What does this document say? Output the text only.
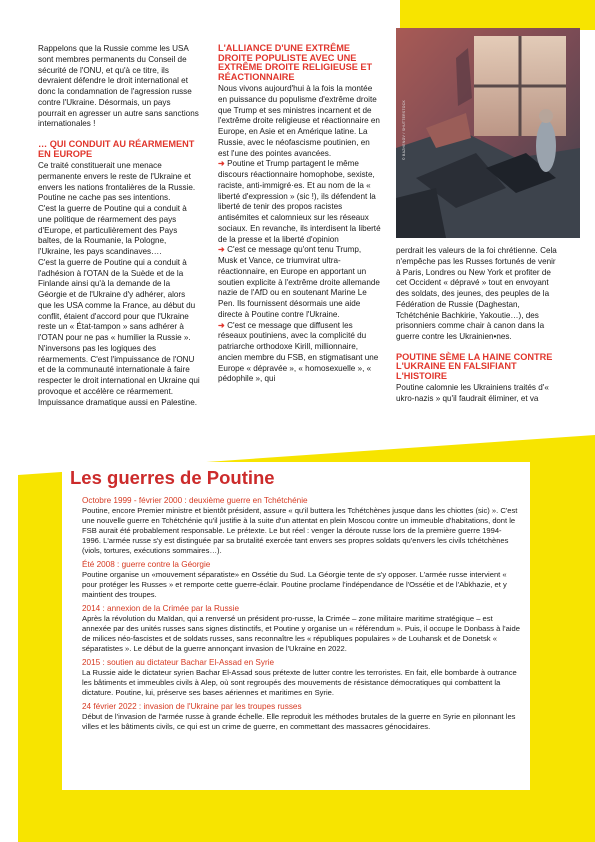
© BAZHENOV / SHUTTERSTOCK

Rappelons que la Russie comme les USA sont membres permanents du Conseil de sécurité de l'ONU, et qu'à ce titre, ils devraient défendre le droit international et donc la condamnation de l'agression russe contre l'Ukraine. Désormais, un pays pourrait en agresser un autre sans sanctions internationales !

… QUI CONDUIT AU RÉARMEMENT EN EUROPE

Ce traité constituerait une menace permanente envers le reste de l'Ukraine et envers les nations frontalières de la Russie. Poutine ne cache pas ses intentions.

C'est la guerre de Poutine qui a conduit à une politique de réarmement des pays d'Europe, et particulièrement des Pays baltes, de la Roumanie, la Pologne, l'Ukraine, les pays scandinaves….

C'est la guerre de Poutine qui a conduit à l'adhésion à l'OTAN de la Suède et de la Finlande ainsi qu'à la demande de la Géorgie et de l'Ukraine d'y adhérer, alors que les USA comme la France, au début du conflit, étaient d'accord pour que l'Ukraine reste un « État-tampon » sans adhérer à l'OTAN pour ne pas « humilier la Russie ». N'inversons pas les logiques des réarmements. C'est l'impuissance de l'ONU et de la communauté internationale à faire respecter le droit international en Ukraine qui provoque et accélère ce réarmement. Impuissance dramatique aussi en Palestine.

L'ALLIANCE D'UNE EXTRÊME DROITE POPULISTE AVEC UNE EXTRÊME DROITE RELIGIEUSE ET RÉACTIONNAIRE

Nous vivons aujourd'hui à la fois la montée en puissance du populisme d'extrême droite que Trump et ses ministres incarnent et de l'extrême droite religieuse et réactionnaire en Europe, en Asie et en Amérique latine. La Russie, avec le néofascisme poutinien, en est l'une des pointes avancées.

➜ Poutine et Trump partagent le même discours réactionnaire homophobe, sexiste, raciste, anti-immigré·es. Et au nom de la « liberté d'expression » (sic !), ils défendent la liberté de tenir des propos racistes antisémites et calomnieux sur les réseaux sociaux. En revanche, ils interdisent la liberté de la presse et la liberté d'opinion

➜ C'est ce message qu'ont tenu Trump, Musk et Vance, ce triumvirat ultra-réactionnaire, en Europe en apportant un soutien explicite à l'extrême droite allemande nazie de l'AfD ou en soutenant Marine Le Pen. Ils fournissent désormais une aide directe à Poutine contre l'Ukraine.

➜ C'est ce message que diffusent les réseaux poutiniens, avec la complicité du patriarche orthodoxe Kirill, millionnaire, ancien membre du FSB, en stigmatisant une Europe « dépravée », « homosexuelle », « pédophile », qui

perdrait les valeurs de la foi chrétienne. Cela n'empêche pas les Russes fortunés de venir à Paris, Londres ou New York et profiter de cet Occident « dépravé » tout en envoyant des soldats, des jeunes, des peuples de la Fédération de Russie (Daghestan, Tchétchénie Bachkirie, Yakoutie…), des prisonniers comme chair à canon dans la guerre contre les Ukrainien•nes.

POUTINE SÈME LA HAINE CONTRE L'UKRAINE EN FALSIFIANT L'HISTOIRE

Poutine calomnie les Ukrainiens traités d'« ukro-nazis » qu'il faudrait éliminer, et va

Les guerres de Poutine
Octobre 1999 - février 2000 : deuxième guerre en Tchétchénie

Poutine, encore Premier ministre et bientôt président, assure « qu'il buttera les Tchétchènes jusque dans les chiottes (sic) ». C'est une nouvelle guerre en Tchétchénie qu'il justifie à la suite d'un attentat en plein Moscou contre un immeuble d'habitations, dont le FSB aurait été probablement responsable. Le prétexte. Le but réel : venger la déroute russe lors de la première guerre 1994-1996. L'armée russe s'y est distinguée par sa brutalité exercée tant envers ses propres soldats qu'envers les civils tchétchènes (viols, tortures, exécutions sommaires…).

Été 2008 : guerre contre la Géorgie

Poutine organise un «mouvement séparatiste» en Ossétie du Sud. La Géorgie tente de s'y opposer. L'armée russe intervient « pour protéger les Russes » et remporte cette guerre-éclair. Poutine proclame l'indépendance de l'Ossétie et de l'Abkhazie, et y maintient des troupes.

2014 : annexion de la Crimée par la Russie

Après la révolution du Maïdan, qui a renversé un président pro-russe, la Crimée – zone militaire maritime stratégique – est annexée par des unités russes sans signes distinctifs, et Poutine y organise un « référendum ». Puis, il occupe le Donbass à l'aide de milices néo-fascistes et de soldats russes, sans reconnaître les « républiques populaires » de Louhansk et de Donetsk « séparatistes ». Le début de la guerre annonçant invasion de l'Ukraine en 2022.

2015 : soutien au dictateur Bachar El-Assad en Syrie

La Russie aide le dictateur syrien Bachar El-Assad sous prétexte de lutter contre les terroristes. En fait, elle bombarde à outrance les bâtiments et immeubles civils à Alep, où sont regroupés des mouvements de résistance démocratiques qui combattent la dictature. Poutine, lui, préserve ses bases aériennes et maritimes en Syrie.

24 février 2022 : invasion de l'Ukraine par les troupes russes

Début de l'invasion de l'armée russe à grande échelle. Elle reproduit les méthodes brutales de la guerre en Syrie en pilonnant les villes et les bâtiments civils, ce qui est un crime de guerre, en commettant des massacres génocidaires.
